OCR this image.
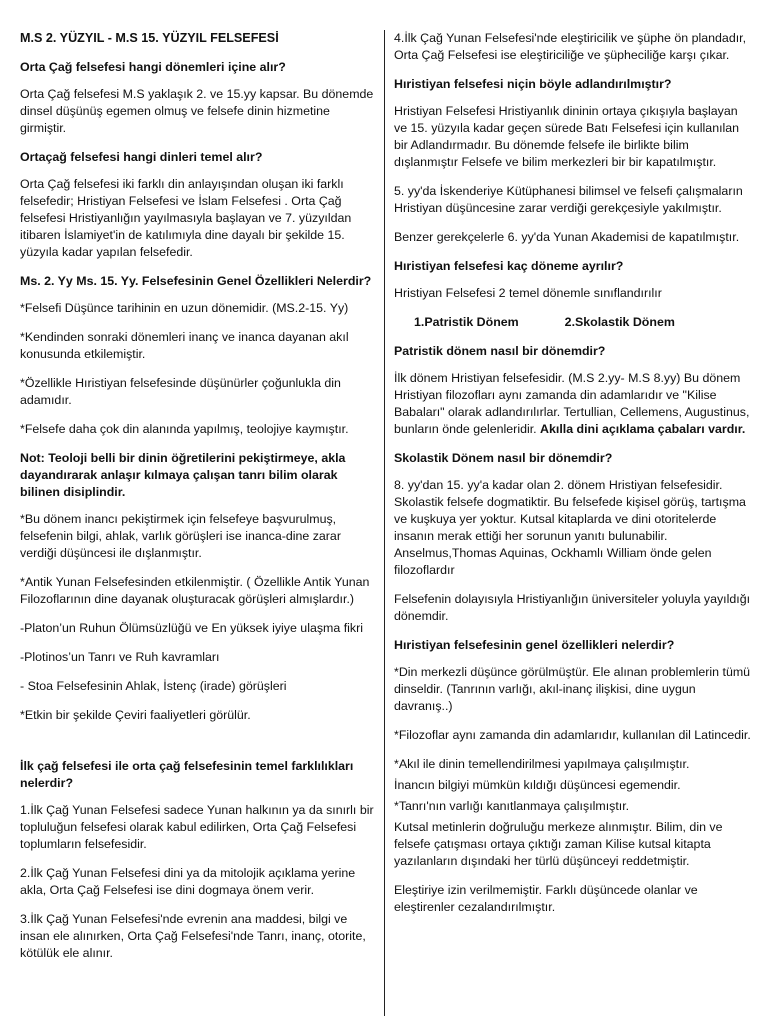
M.S 2. YÜZYIL - M.S 15. YÜZYIL FELSEFESİ

Orta Çağ felsefesi hangi dönemleri içine alır?

Orta Çağ felsefesi M.S yaklaşık 2. ve 15.yy kapsar. Bu dönemde dinsel düşünüş egemen olmuş ve felsefe dinin hizmetine girmiştir.

Ortaçağ felsefesi hangi dinleri temel alır?

Orta Çağ felsefesi iki farklı din anlayışından oluşan iki farklı felsefedir; Hristiyan Felsefesi ve İslam Felsefesi . Orta Çağ felsefesi Hristiyanlığın yayılmasıyla başlayan ve 7. yüzyıldan itibaren İslamiyet'in de katılımıyla dine dayalı bir şekilde 15. yüzyıla kadar yapılan felsefedir.

Ms. 2. Yy Ms. 15. Yy. Felsefesinin Genel Özellikleri Nelerdir?

*Felsefi Düşünce tarihinin en uzun dönemidir. (MS.2-15. Yy)

*Kendinden sonraki dönemleri inanç ve inanca dayanan akıl konusunda etkilemiştir.

*Özellikle Hıristiyan felsefesinde düşünürler çoğunlukla din adamıdır.

*Felsefe daha çok din alanında yapılmış, teolojiye kaymıştır.

Not: Teoloji belli bir dinin öğretilerini pekiştirmeye, akla dayandırarak anlaşır kılmaya çalışan tanrı bilim olarak bilinen disiplindir.

*Bu dönem inancı pekiştirmek için felsefeye başvurulmuş, felsefenin bilgi, ahlak, varlık görüşleri ise inanca-dine zarar verdiği düşüncesi ile dışlanmıştır.

*Antik Yunan Felsefesinden etkilenmiştir. ( Özellikle Antik Yunan Filozoflarının dine dayanak oluşturacak görüşleri almışlardır.)

-Platon’un Ruhun Ölümsüzlüğü ve En yüksek iyiye ulaşma fikri

-Plotinos’un Tanrı ve Ruh kavramları

- Stoa Felsefesinin Ahlak, İstenç (irade) görüşleri

*Etkin bir şekilde Çeviri faaliyetleri görülür.

İlk çağ felsefesi ile orta çağ felsefesinin temel farklılıkları nelerdir?

1.İlk Çağ Yunan Felsefesi sadece Yunan halkının ya da sınırlı bir topluluğun felsefesi olarak kabul edilirken, Orta Çağ Felsefesi toplumların felsefesidir.

2.İlk Çağ Yunan Felsefesi dini ya da mitolojik açıklama yerine akla, Orta Çağ Felsefesi ise dini dogmaya önem verir.

3.İlk Çağ Yunan Felsefesi'nde evrenin ana maddesi, bilgi ve insan ele alınırken, Orta Çağ Felsefesi'nde Tanrı, inanç, otorite, kötülük ele alınır.

4.İlk Çağ Yunan Felsefesi'nde eleştiricilik ve şüphe ön plandadır, Orta Çağ Felsefesi ise eleştiriciliğe ve şüpheciliğe karşı çıkar.

Hıristiyan felsefesi niçin böyle adlandırılmıştır?

Hristiyan Felsefesi Hristiyanlık dininin ortaya çıkışıyla başlayan ve 15. yüzyıla kadar geçen sürede Batı Felsefesi için kullanılan bir Adlandırmadır. Bu dönemde felsefe ile birlikte bilim dışlanmıştır Felsefe ve bilim merkezleri bir bir kapatılmıştır.

5. yy'da İskenderiye Kütüphanesi bilimsel ve felsefi çalışmaların Hristiyan düşüncesine zarar verdiği gerekçesiyle yakılmıştır.

Benzer gerekçelerle 6. yy'da Yunan Akademisi de kapatılmıştır.

Hıristiyan felsefesi kaç döneme ayrılır?

Hristiyan Felsefesi 2 temel dönemle sınıflandırılır

1.Patristik Dönem	2.Skolastik Dönem

Patristik dönem nasıl bir dönemdir?

İlk dönem Hristiyan felsefesidir. (M.S 2.yy- M.S 8.yy) Bu dönem Hristiyan filozofları aynı zamanda din adamlarıdır ve "Kilise Babaları" olarak adlandırılırlar. Tertullian, Cellemens, Augustinus, bunların önde gelenleridir. Akılla dini açıklama çabaları vardır.

Skolastik Dönem nasıl bir dönemdir?

8. yy'dan 15. yy'a kadar olan 2. dönem Hristiyan felsefesidir. Skolastik felsefe dogmatiktir. Bu felsefede kişisel görüş, tartışma ve kuşkuya yer yoktur. Kutsal kitaplarda ve dini otoritelerde insanın merak ettiği her sorunun yanıtı bulunabilir. Anselmus,Thomas Aquinas, Ockhamlı William önde gelen filozoflardır

Felsefenin dolayısıyla Hristiyanlığın üniversiteler yoluyla yayıldığı dönemdir.

Hıristiyan felsefesinin genel özellikleri nelerdir?

*Din merkezli düşünce görülmüştür. Ele alınan problemlerin tümü dinseldir. (Tanrının varlığı, akıl-inanç ilişkisi, dine uygun davranış..)

*Filozoflar aynı zamanda din adamlarıdır, kullanılan dil Latincedir.

*Akıl ile dinin temellendirilmesi yapılmaya çalışılmıştır.

İnancın bilgiyi mümkün kıldığı düşüncesi egemendir.

*Tanrı'nın varlığı kanıtlanmaya çalışılmıştır.

Kutsal metinlerin doğruluğu merkeze alınmıştır. Bilim, din ve felsefe çatışması ortaya çıktığı zaman Kilise kutsal kitapta yazılanların dışındaki her türlü düşünceyi reddetmiştir.

Eleştiriye izin verilmemiştir. Farklı düşüncede olanlar ve eleştirenler cezalandırılmıştır.
